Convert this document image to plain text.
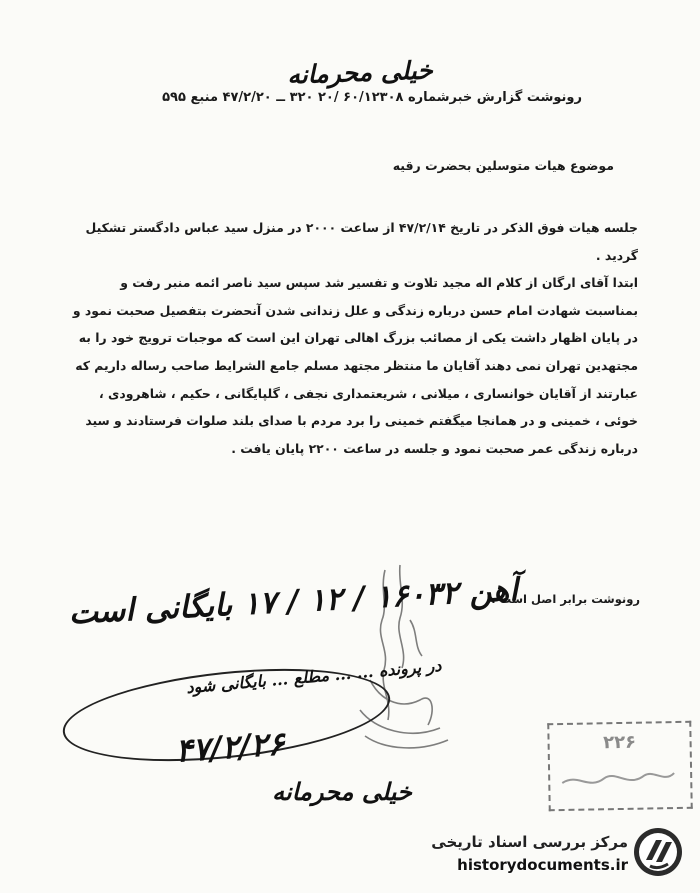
خیلی محرمانه
رونوشت گزارش خبرشماره ۶۰/۱۲۳۰۸ /۲۰ ۳۲۰ ــ ۴۷/۲/۲۰ منبع ۵۹۵
موضوع هیات متوسلین بحضرت رقیه

جلسه هیات فوق الذکر در تاریخ ۴۷/۲/۱۴ از ساعت ۲۰۰۰ در منزل سید عباس دادگستر تشکیل گردید .

ابتدا آقای ارگان از کلام اله مجید تلاوت و تفسیر شد سپس سید ناصر ائمه منبر رفت و بمناسبت شهادت امام حسن درباره زندگی و علل زندانی شدن آنحضرت بتفصیل صحبت نمود و در پایان اظهار داشت یکی از مصائب بزرگ اهالی تهران این است که موجبات ترویج خود را به مجتهدین تهران نمی دهند آقایان ما منتظر مجتهد مسلم جامع الشرایط صاحب رساله داریم که عبارتند از آقایان خوانساری ، میلانی ، شریعتمداری نجفی ، گلپایگانی ، حکیم ، شاهرودی ، خوئی ، خمینی و در همانجا میگفتم خمینی را برد مردم با صدای بلند صلوات فرستادند و سید درباره زندگی عمر صحبت نمود و جلسه در ساعت ۲۲۰۰ پایان یافت .

رونوشت برابر اصل است .
آهن ۱۶۰۳۲ / ۱۲ / ۱۷ بایگانی است
در پرونده ... ... مطلع ... بایگانی شود
۴۷/۲/۲۶
خیلی محرمانه
۲۲۶
مرکز بررسی اسناد تاریخی
historydocuments.ir
